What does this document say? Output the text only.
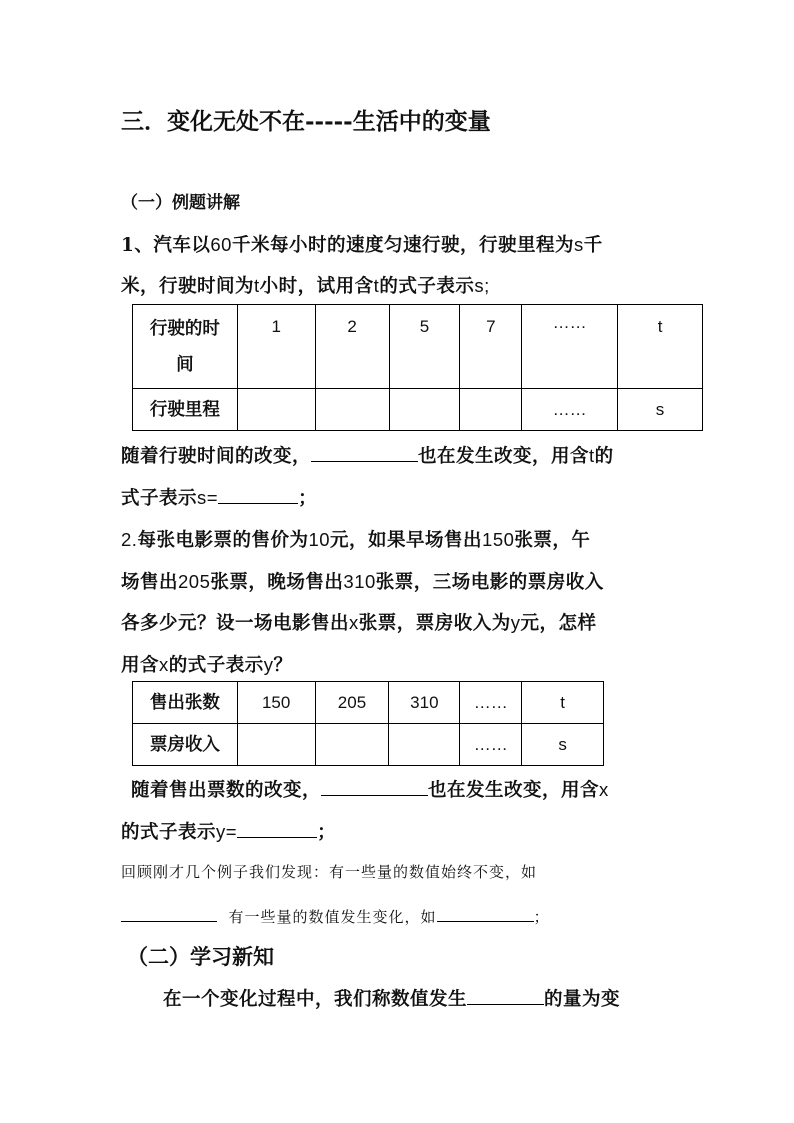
三．变化无处不在-----生活中的变量
（一）例题讲解
1、汽车以60千米每小时的速度匀速行驶，行驶里程为s千
米，行驶时间为t小时，试用含t的式子表示s;
行驶的时
间	1	2	5	7	……	t
行驶里程					……	s
随着行驶时间的改变，	也在发生改变，用含t的
式子表示s=	；
2.每张电影票的售价为10元，如果早场售出150张票，午
场售出205张票，晚场售出310张票，三场电影的票房收入
各多少元？设一场电影售出x张票，票房收入为y元，怎样
用含x的式子表示y？
售出张数	150	205	310	……	t
票房收入				……	s
随着售出票数的改变，	也在发生改变，用含x
的式子表示y=	；
回顾刚才几个例子我们发现：有一些量的数值始终不变，如
有一些量的数值发生变化，如	；
（二）学习新知
在一个变化过程中，我们称数值发生	的量为变
